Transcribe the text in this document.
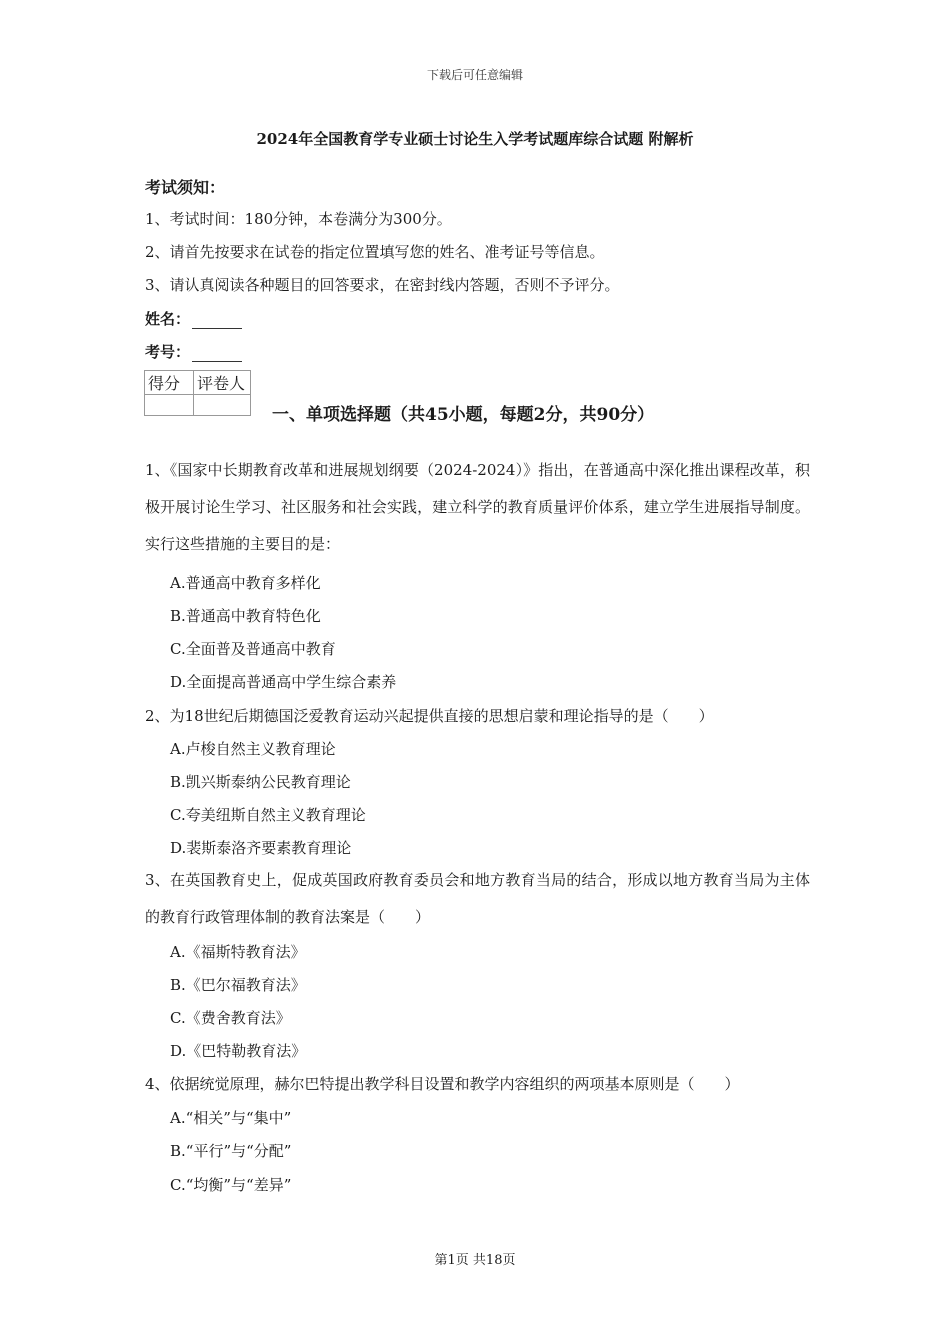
下载后可任意编辑
2024年全国教育学专业硕士讨论生入学考试题库综合试题 附解析
考试须知：
1、考试时间：180分钟，本卷满分为300分。
2、请首先按要求在试卷的指定位置填写您的姓名、准考证号等信息。
3、请认真阅读各种题目的回答要求，在密封线内答题，否则不予评分。
姓名：
考号：
得分	评卷人

一、单项选择题（共45小题，每题2分，共90分）
1、《国家中长期教育改革和进展规划纲要（2024-2024）》指出，在普通高中深化推出课程改革，积极开展讨论生学习、社区服务和社会实践，建立科学的教育质量评价体系，建立学生进展指导制度。实行这些措施的主要目的是：
A.普通高中教育多样化
B.普通高中教育特色化
C.全面普及普通高中教育
D.全面提高普通高中学生综合素养
2、为18世纪后期德国泛爱教育运动兴起提供直接的思想启蒙和理论指导的是（　　）
A.卢梭自然主义教育理论
B.凯兴斯泰纳公民教育理论
C.夸美纽斯自然主义教育理论
D.裴斯泰洛齐要素教育理论
3、在英国教育史上，促成英国政府教育委员会和地方教育当局的结合，形成以地方教育当局为主体的教育行政管理体制的教育法案是（　　）
A.《福斯特教育法》
B.《巴尔福教育法》
C.《费舍教育法》
D.《巴特勒教育法》
4、依据统觉原理，赫尔巴特提出教学科目设置和教学内容组织的两项基本原则是（　　）
A.“相关”与“集中”
B.“平行”与“分配”
C.“均衡”与“差异”
第1页 共18页
